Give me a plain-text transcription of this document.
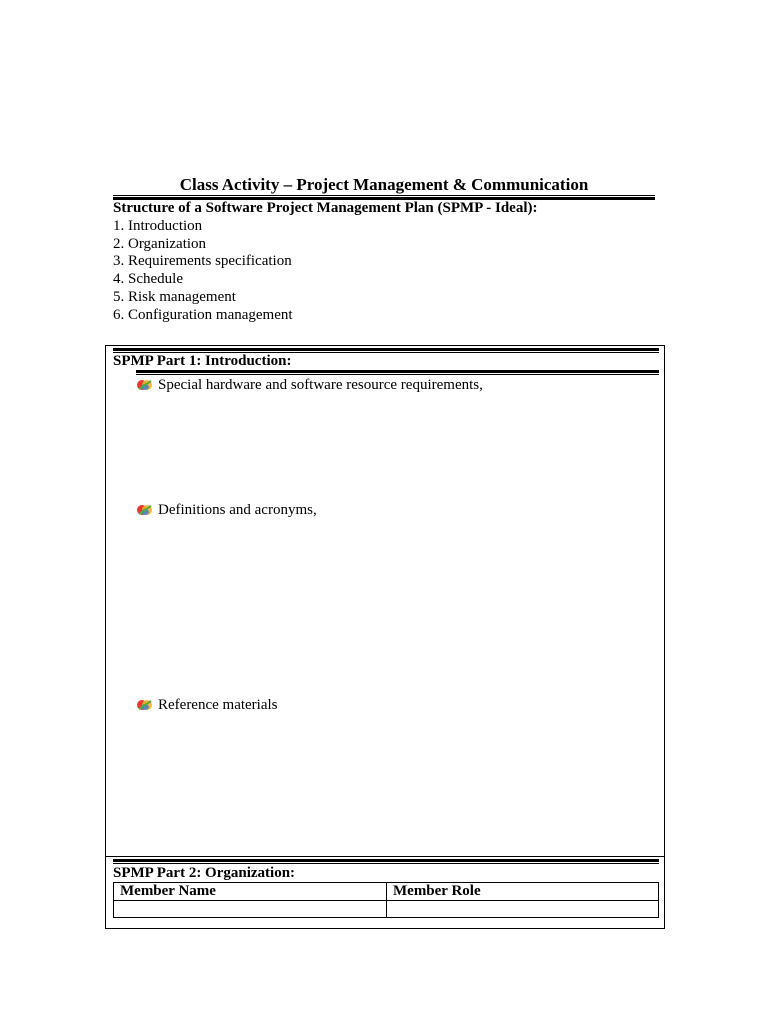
Class Activity – Project Management & Communication
Structure of a Software Project Management Plan (SPMP - Ideal):
1. Introduction
2. Organization
3. Requirements specification
4. Schedule
5. Risk management
6. Configuration management
SPMP Part 1: Introduction:
Special hardware and software resource requirements,
Definitions and acronyms,
Reference materials
SPMP Part 2: Organization:
Member Name	Member Role
